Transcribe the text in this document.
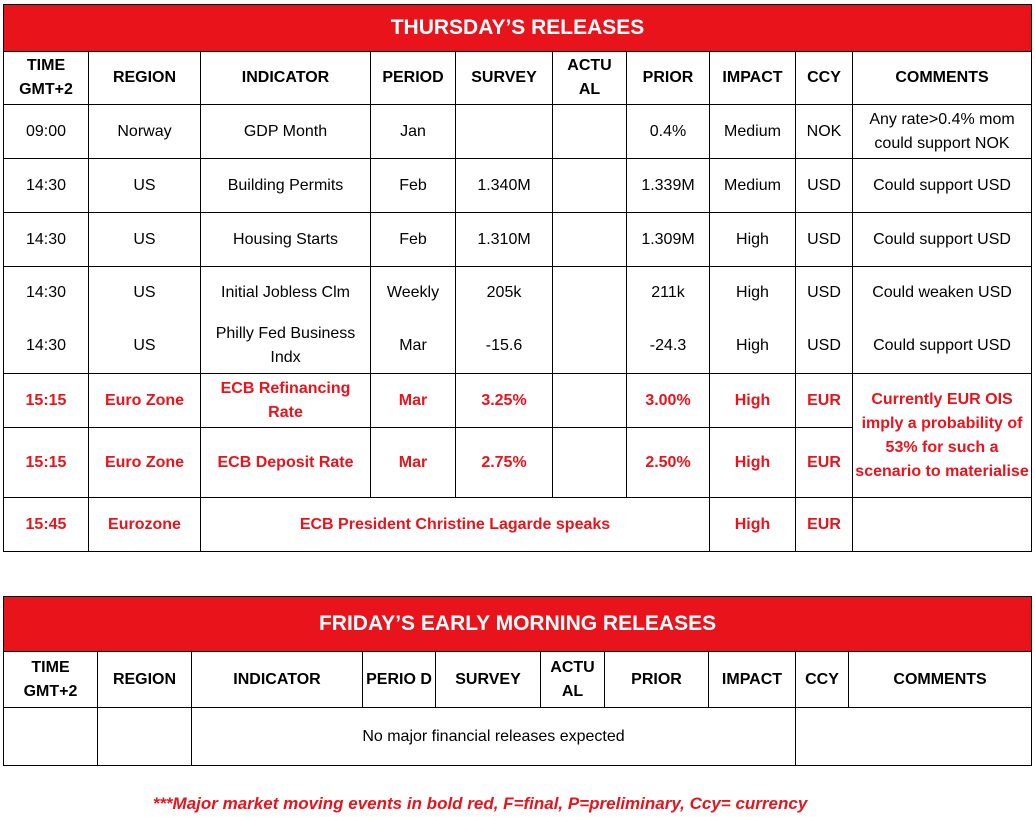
THURSDAY’S RELEASES									
TIME GMT+2	REGION	INDICATOR	PERIOD	SURVEY	ACTU AL	PRIOR	IMPACT	CCY	COMMENTS
09:00	Norway	GDP Month	Jan			0.4%	Medium	NOK	Any rate>0.4% mom could support NOK
14:30	US	Building Permits	Feb	1.340M		1.339M	Medium	USD	Could support USD
14:30	US	Housing Starts	Feb	1.310M		1.309M	High	USD	Could support USD
14:30	US	Initial Jobless Clm	Weekly	205k		211k	High	USD	Could weaken USD
14:30	US	Philly Fed Business Indx	Mar	-15.6		-24.3	High	USD	Could support USD
15:15	Euro Zone	ECB Refinancing Rate	Mar	3.25%		3.00%	High	EUR	Currently EUR OIS imply a probability of 53% for such a scenario to materialise
15:15	Euro Zone	ECB Deposit Rate	Mar	2.75%		2.50%	High	EUR	
15:45	Eurozone	ECB President Christine Lagarde speaks					High	EUR	
FRIDAY’S EARLY MORNING RELEASES									
TIME GMT+2	REGION	INDICATOR	PERIO D	SURVEY	ACTU AL	PRIOR	IMPACT	CCY	COMMENTS
		No major financial releases expected							
***Major market moving events in bold red, F=final, P=preliminary, Ccy= currency
